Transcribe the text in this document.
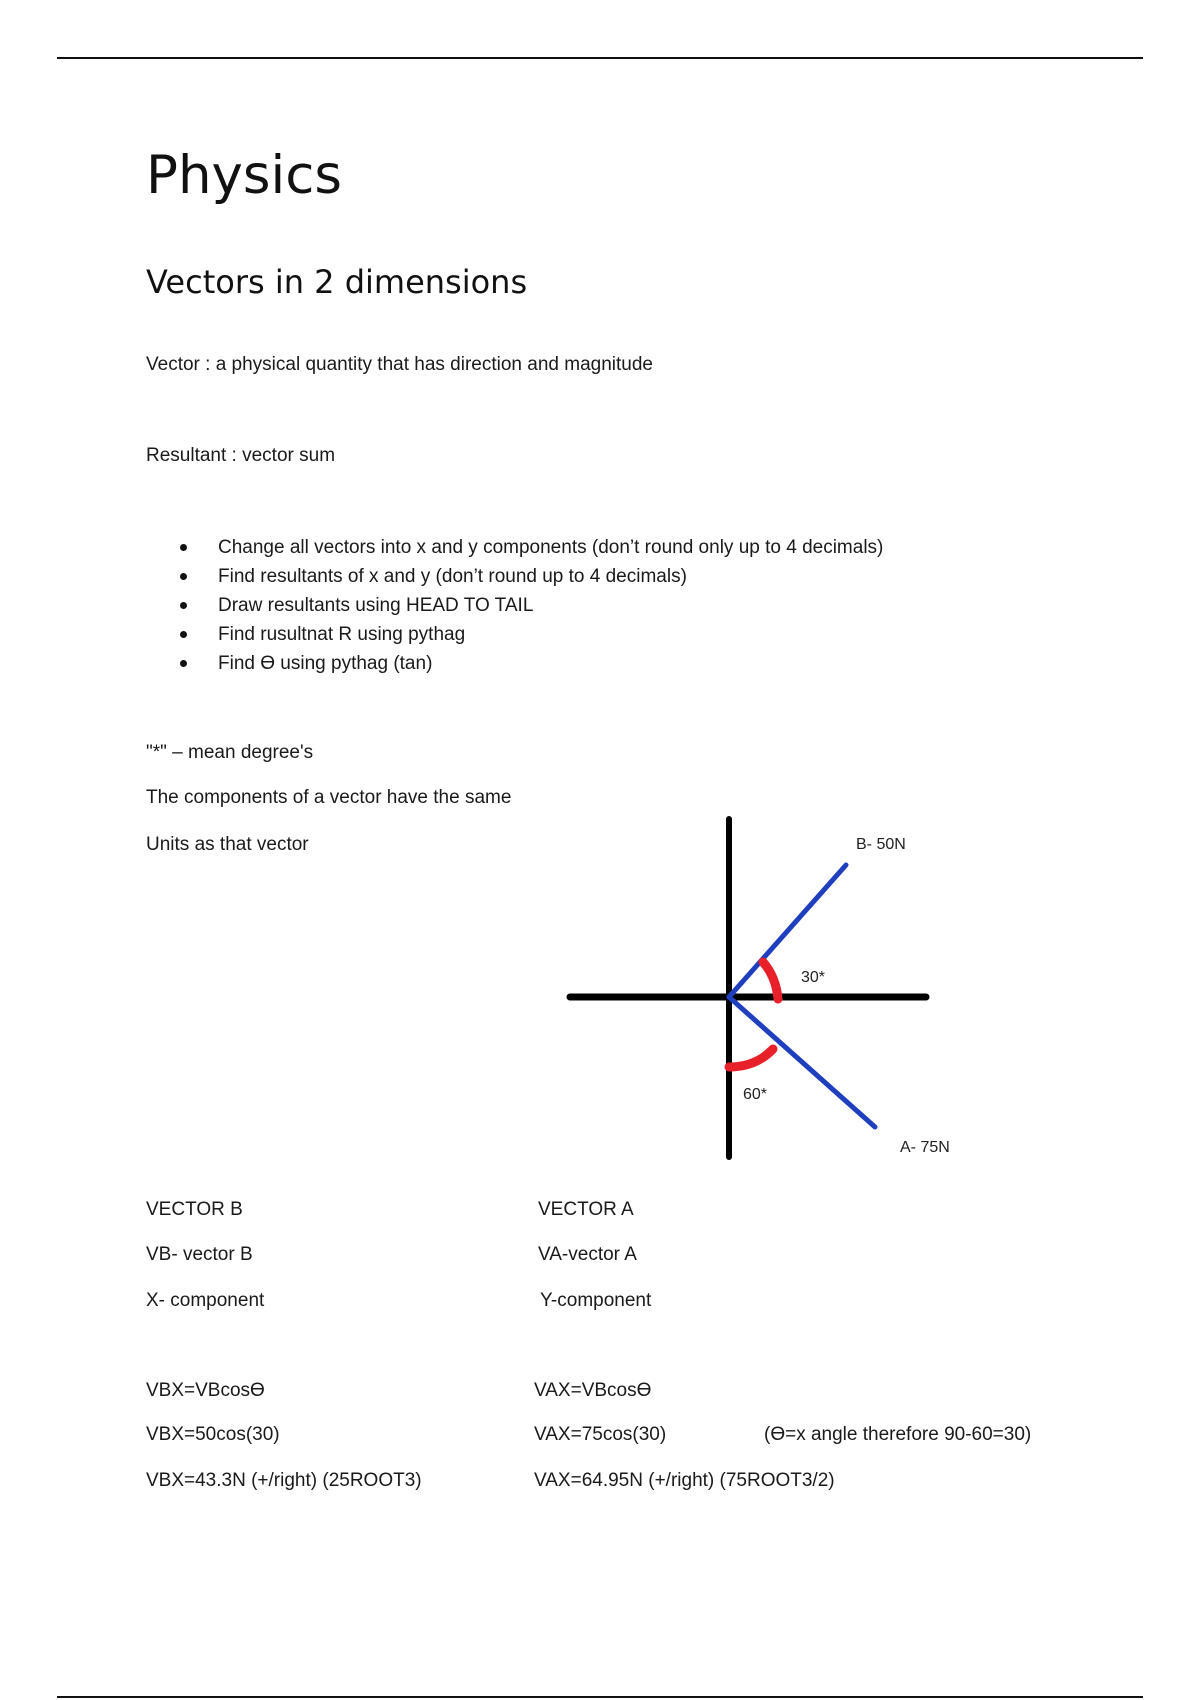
Physics
Vectors in 2 dimensions

Vector : a physical quantity that has direction and magnitude

Resultant : vector sum

Change all vectors into x and y components (don’t round only up to 4 decimals)
Find resultants of x and y (don’t round up to 4 decimals)
Draw resultants using HEAD TO TAIL
Find rusultnat R using pythag
Find ϴ using pythag (tan)

"*" – mean degree's

The components of a vector have the same

Units as that vector	B- 50N
A- 75N
30*
60*

VECTOR B	VECTOR A

VB- vector B	VA-vector A

X- component	Y-component

VBX=VBcosϴ	VAX=VBcosϴ

VBX=50cos(30)	VAX=75cos(30)	(ϴ=x angle therefore 90-60=30)

VBX=43.3N (+/right) (25ROOT3)	VAX=64.95N (+/right) (75ROOT3/2)
